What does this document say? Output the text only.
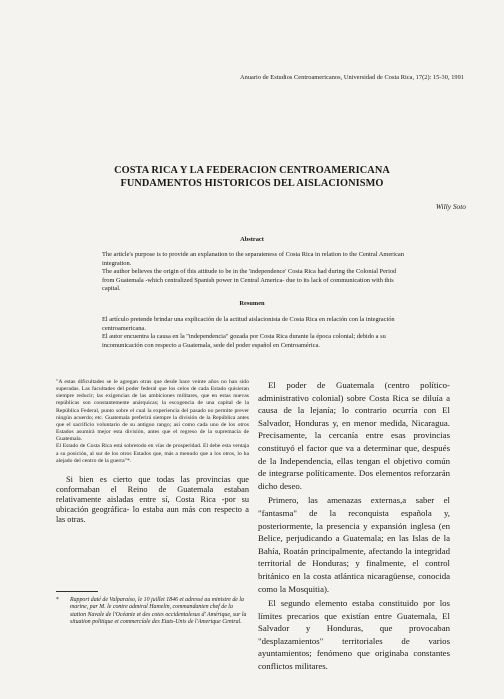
Anuario de Estudios Centroamericanos, Universidad de Costa Rica, 17(2): 15-30, 1991
COSTA RICA Y LA FEDERACION CENTROAMERICANA
FUNDAMENTOS HISTORICOS DEL AISLACIONISMO
Willy Soto
Abstract

The article's purpose is to provide an explanation to the separateness of Costa Rica in relation to the Central American integration.

The author believes the origin of this attitude to be in the 'independence' Costa Rica had during the Colonial Period from Guatemala -which centralized Spanish power in Central America- due to its lack of communication with this capital.

Resumen

El artículo pretende brindar una explicación de la actitud aislacionista de Costa Rica en relación con la integración centroamericana.

El autor encuentra la causa en la "independencia" gozada por Costa Rica durante la época colonial; debido a su incomunicación con respecto a Guatemala, sede del poder español en Centroamérica.

"A estas dificultades se le agregan otras que desde hace veinte años no han sido superadas. Las facultades del poder federal que los celos de cada Estado quisieran siempre reducir; las exigencias de las ambiciones militares, que en estas nuevas repúblicas son constantemente anárquicas; la escogencia de una capital de la República Federal, punto sobre el cual la experiencia del pasado no permite prever ningún acuerdo; etc. Guatemala preferirá siempre la división de la República antes que el sacrificio voluntario de su antiguo rango; así como cada uno de los otros Estados asumirá mejor esta división, antes que el regreso de la supremacía de Guatemala.

El Estado de Costa Rica está sobretodo en vías de prosperidad. El debe esta ventaja a su posición, al sur de los otros Estados que, más a menudo que a los otros, lo ha alejado del centro de la guerra"*.

Si bien es cierto que todas las provincias que conformaban el Reino de Guatemala estaban relativamente aisladas entre sí, Costa Rica -por su ubicación geográfica- lo estaba aun más con respecto a las otras.

El poder de Guatemala (centro político-administrativo colonial) sobre Costa Rica se diluía a causa de la lejanía; lo contrario ocurría con El Salvador, Honduras y, en menor medida, Nicaragua. Precisamente, la cercanía entre esas provincias constituyó el factor que va a determinar que, después de la Independencia, ellas tengan el objetivo común de integrarse políticamente. Dos elementos reforzarán dicho deseo.

Primero, las amenazas externas,a saber el "fantasma" de la reconquista española y, posteriormente, la presencia y expansión inglesa (en Belice, perjudicando a Guatemala; en las Islas de la Bahía, Roatán principalmente, afectando la integridad territorial de Honduras; y finalmente, el control británico en la costa atlántica nicaragüense, conocida como la Mosquitia).

El segundo elemento estaba constituido por los límites precarios que existían entre Guatemala, El Salvador y Honduras, que provocaban "desplazamientos" territoriales de varios ayuntamientos; fenómeno que originaba constantes conflictos militares.

* Rapport daté de Valparaíso, le 10 juillet 1846 et adressé au ministre de la marine, par M. le contre admiral Hamelin, commandanten chef de la station Navale de l'Océanie et des cotes occidentalesus d' Amérique, sur la situation politique et commercíale des Etats-Unis de l'Amerique Central.
